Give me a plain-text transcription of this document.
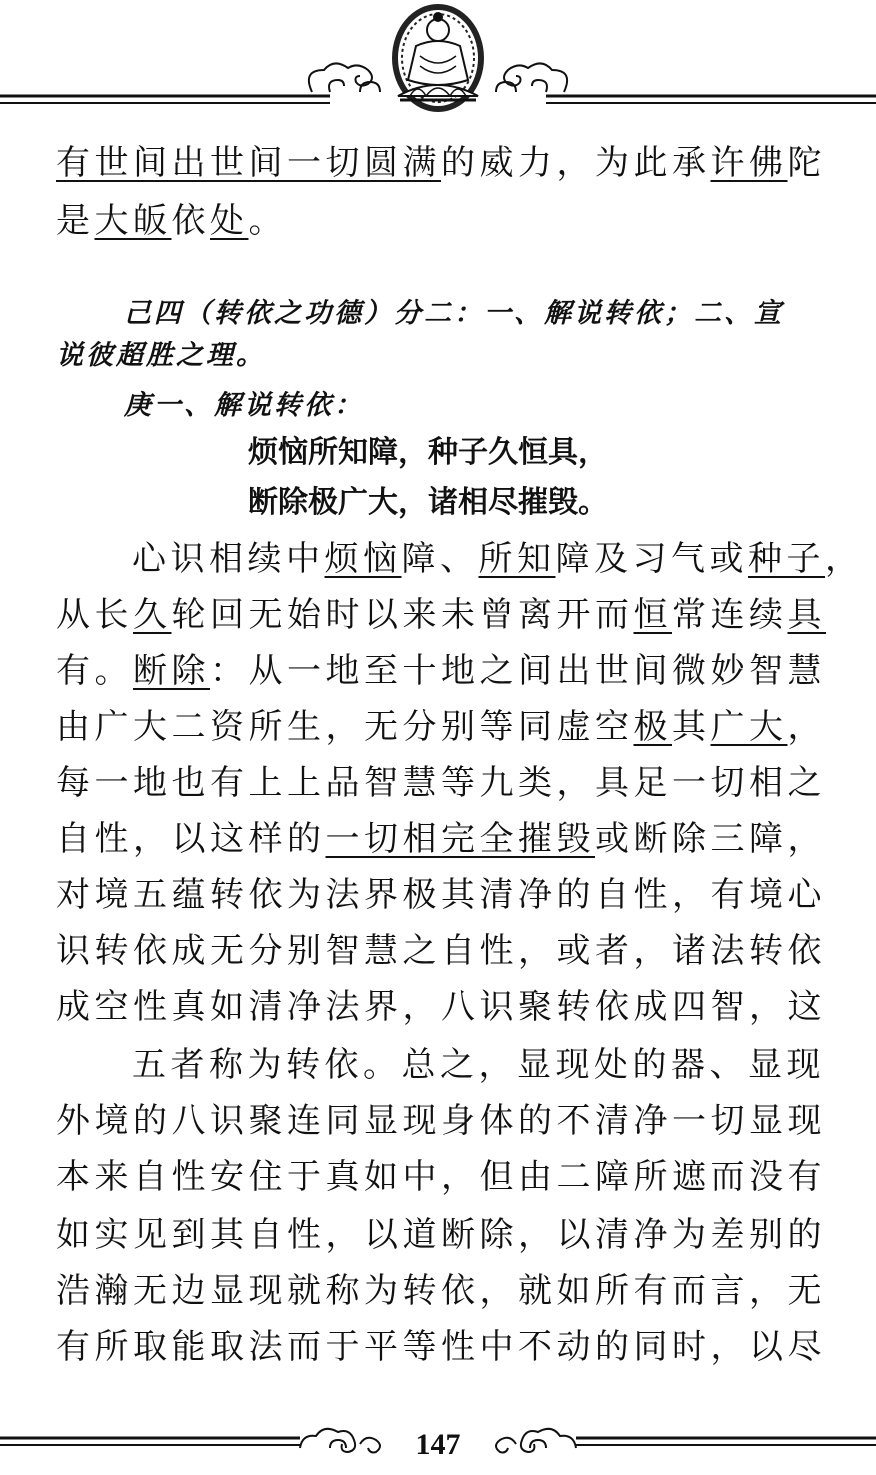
有世间出世间一切圆满的威力，为此承许佛陀
是大皈依处。
己四（转依之功德）分二：一、解说转依；二、宣
说彼超胜之理。
庚一、解说转依：
烦恼所知障，种子久恒具，
断除极广大，诸相尽摧毁。
心识相续中烦恼障、所知障及习气或种子，
从长久轮回无始时以来未曾离开而恒常连续具
有。断除：从一地至十地之间出世间微妙智慧
由广大二资所生，无分别等同虚空极其广大，
每一地也有上上品智慧等九类，具足一切相之
自性，以这样的一切相完全摧毁或断除三障，
对境五蕴转依为法界极其清净的自性，有境心
识转依成无分别智慧之自性，或者，诸法转依
成空性真如清净法界，八识聚转依成四智，这
五者称为转依。总之，显现处的器、显现
外境的八识聚连同显现身体的不清净一切显现
本来自性安住于真如中，但由二障所遮而没有
如实见到其自性，以道断除，以清净为差别的
浩瀚无边显现就称为转依，就如所有而言，无
有所取能取法而于平等性中不动的同时，以尽
147
